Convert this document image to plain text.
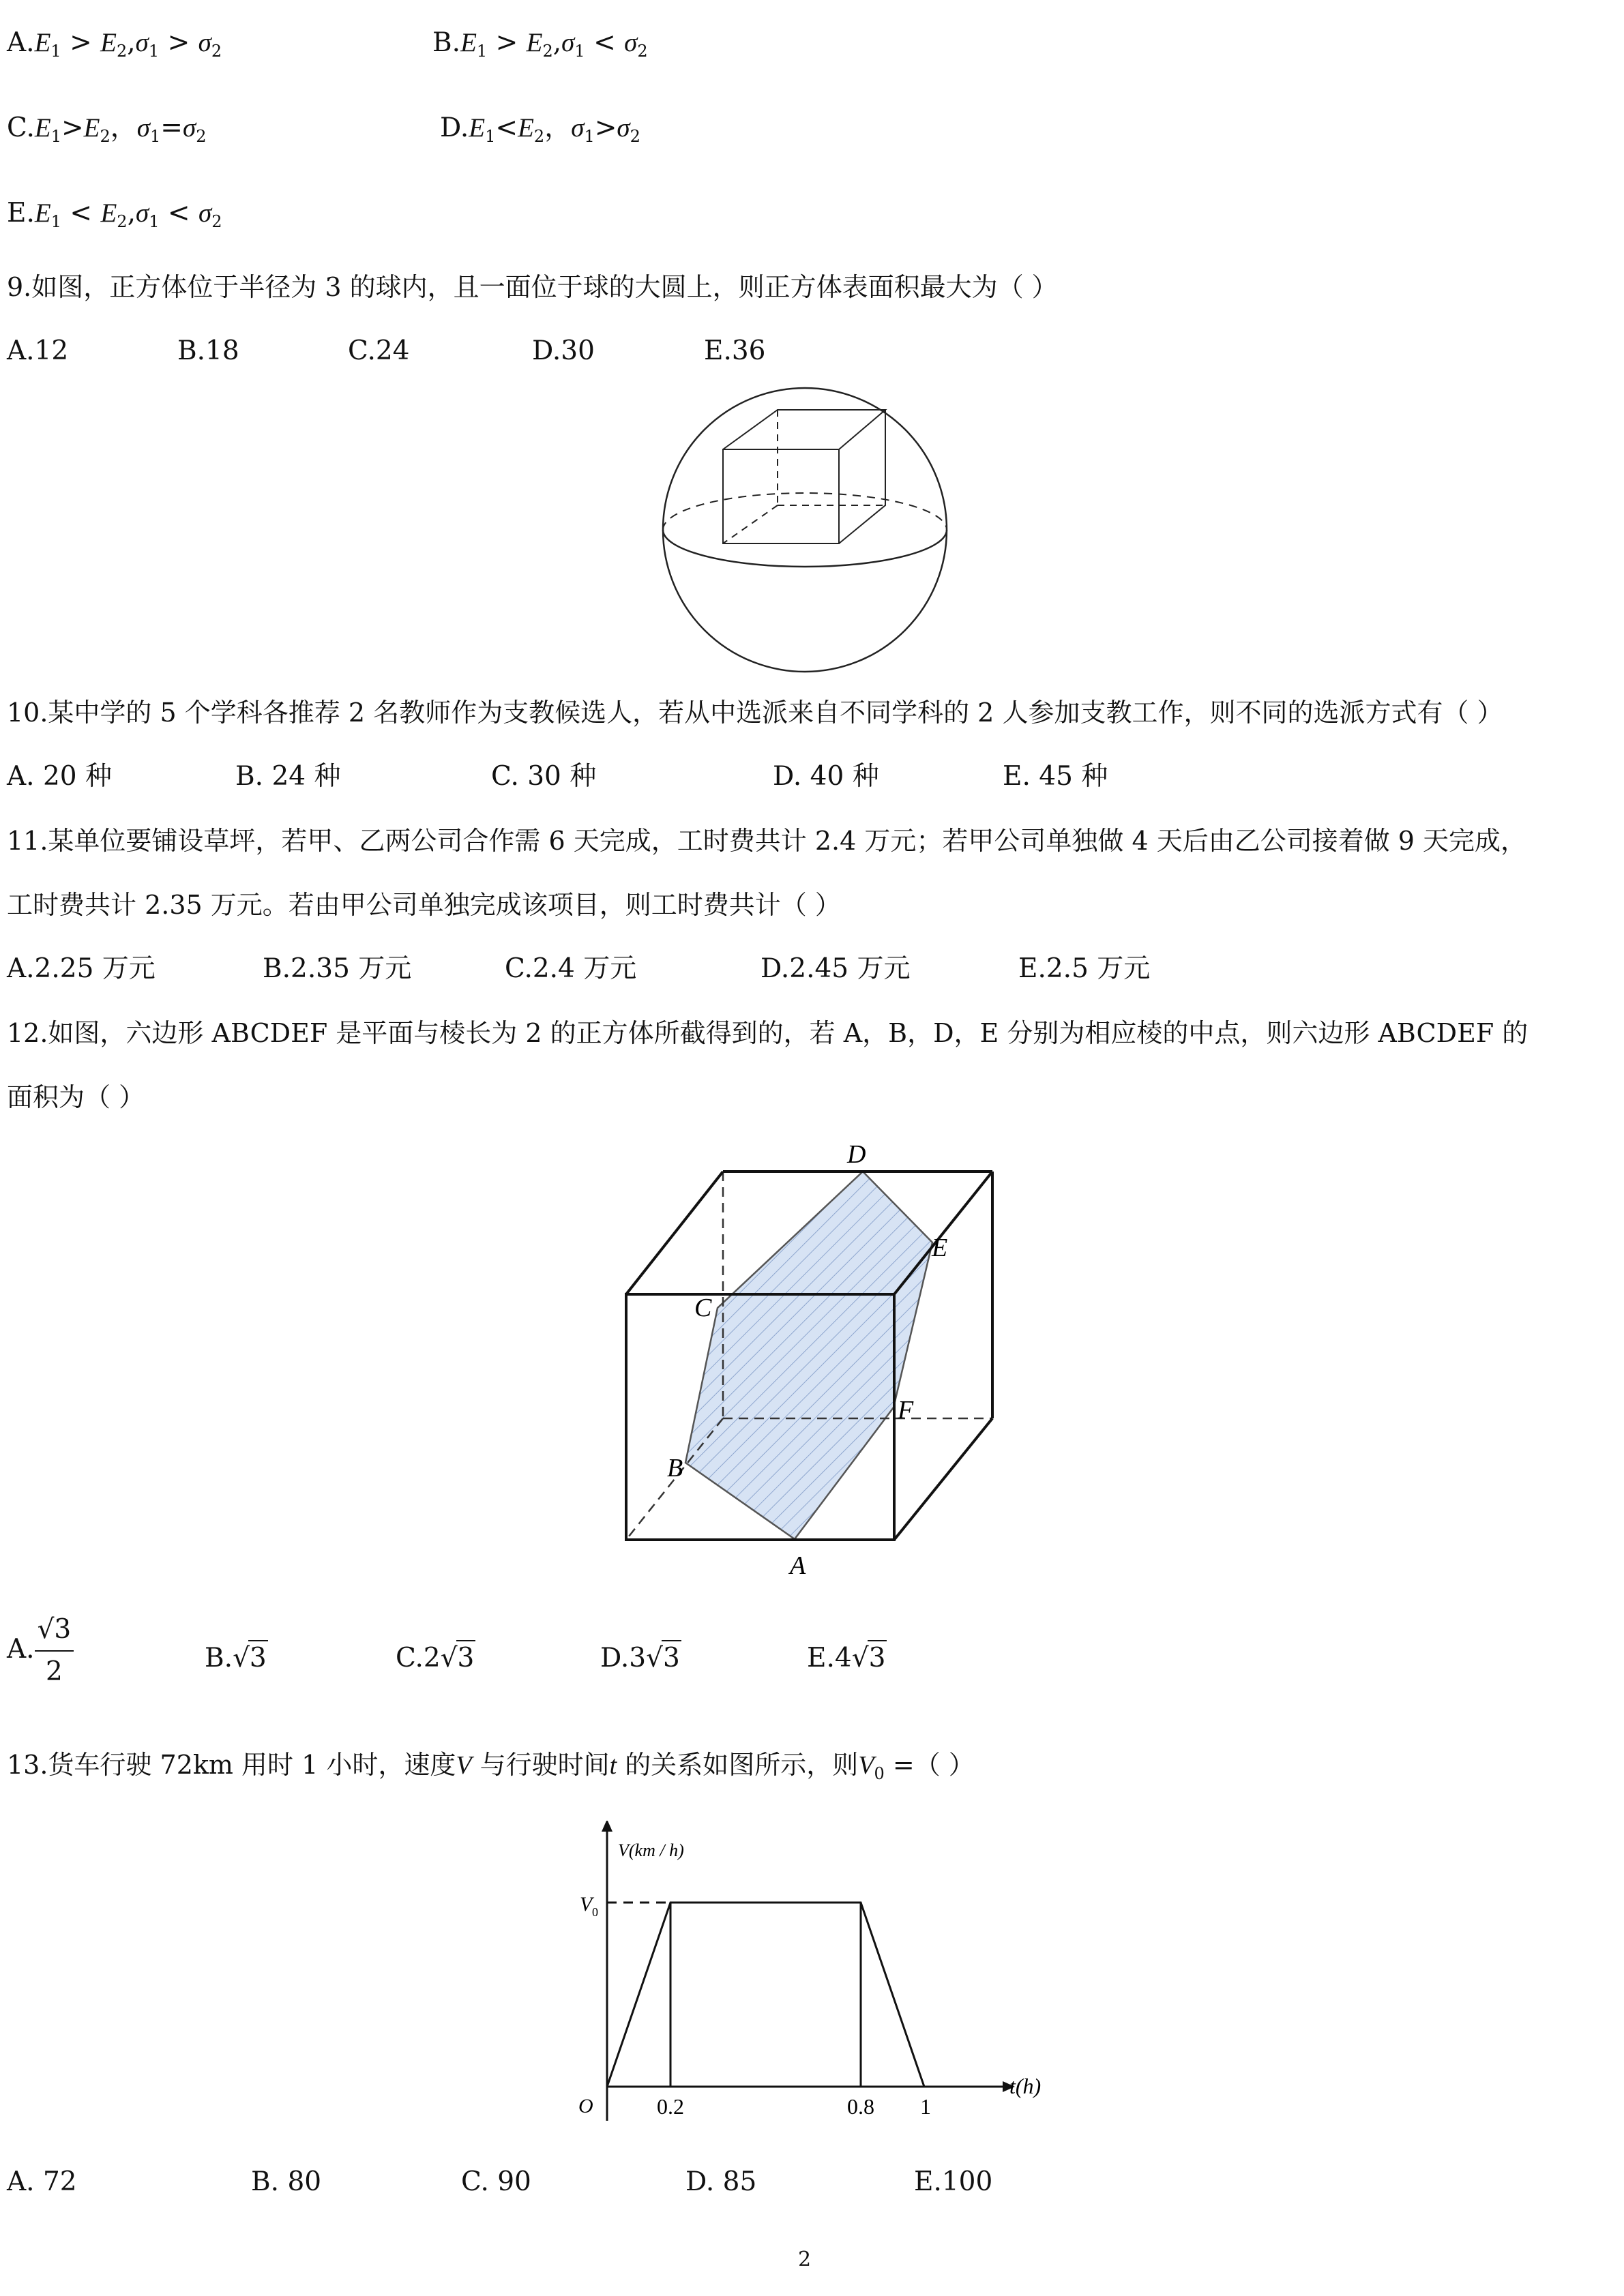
$A.E_1 > E_2,\sigma_1 > \sigma_2$	$B.E_1 > E_2,\sigma_1 < \sigma_2$
$C.E_1>E_2$，$\sigma_1=\sigma_2$	$D.E_1<E_2$，$\sigma_1>\sigma_2$
$E.E_1 < E_2,\sigma_1 < \sigma_2$
9.如图，正方体位于半径为 3 的球内，且一面位于球的大圆上，则正方体表面积最大为（ ）
A.12	B.18	C.24	D.30	E.36
10.某中学的 5 个学科各推荐 2 名教师作为支教候选人，若从中选派来自不同学科的 2 人参加支教工作，则不同的选派方式有（ ）
A. 20 种	B. 24 种	C. 30 种	D. 40 种	E. 45 种
11.某单位要铺设草坪，若甲、乙两公司合作需 6 天完成，工时费共计 2.4 万元；若甲公司单独做 4 天后由乙公司接着做 9 天完成，
工时费共计 2.35 万元。若由甲公司单独完成该项目，则工时费共计（ ）
A.2.25 万元	B.2.35 万元	C.2.4 万元	D.2.45 万元	E.2.5 万元
12.如图，六边形 ABCDEF 是平面与棱长为 2 的正方体所截得到的，若 A，B，D，E 分别为相应棱的中点，则六边形 ABCDEF 的
面积为（ ）
D
E
C
F
B
A
A. $\frac{√3}{2}$	B.√3	C.2√3	D.3√3	E.4√3
13.货车行驶 72km 用时 1 小时，速度V 与行驶时间t 的关系如图所示，则$V_0$ =（ ）
0.2	0.8 1
V 0
V(km / h)
t(h)
O
A. 72	B. 80	C. 90	D. 85	E.100
2
